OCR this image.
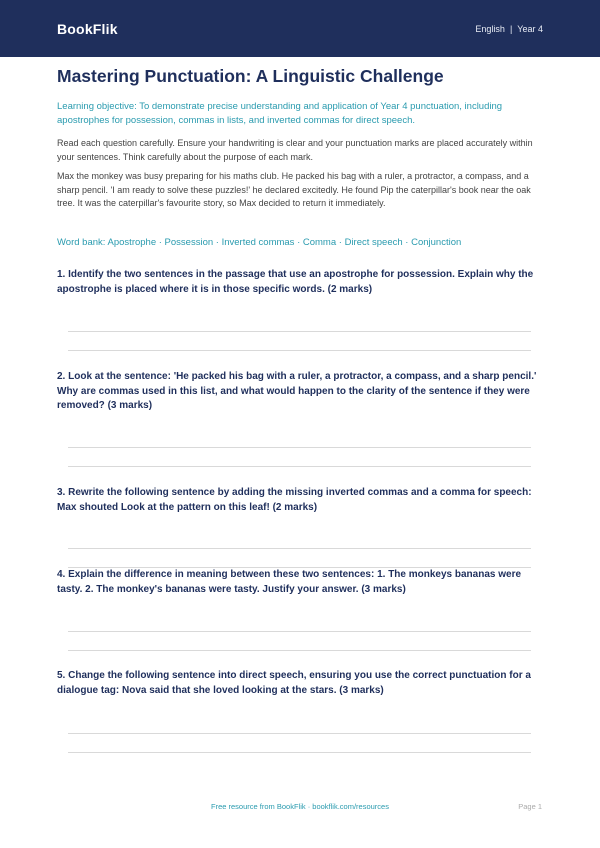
BookFlik	English | Year 4
Mastering Punctuation: A Linguistic Challenge

Learning objective: To demonstrate precise understanding and application of Year 4 punctuation, including apostrophes for possession, commas in lists, and inverted commas for direct speech.

Read each question carefully. Ensure your handwriting is clear and your punctuation marks are placed accurately within your sentences. Think carefully about the purpose of each mark.

Max the monkey was busy preparing for his maths club. He packed his bag with a ruler, a protractor, a compass, and a sharp pencil. 'I am ready to solve these puzzles!' he declared excitedly. He found Pip the caterpillar's book near the oak tree. It was the caterpillar's favourite story, so Max decided to return it immediately.

Word bank: Apostrophe · Possession · Inverted commas · Comma · Direct speech · Conjunction

1. Identify the two sentences in the passage that use an apostrophe for possession. Explain why the apostrophe is placed where it is in those specific words. (2 marks)

2. Look at the sentence: 'He packed his bag with a ruler, a protractor, a compass, and a sharp pencil.' Why are commas used in this list, and what would happen to the clarity of the sentence if they were removed? (3 marks)

3. Rewrite the following sentence by adding the missing inverted commas and a comma for speech: Max shouted Look at the pattern on this leaf! (2 marks)

4. Explain the difference in meaning between these two sentences: 1. The monkeys bananas were tasty. 2. The monkey's bananas were tasty. Justify your answer. (3 marks)

5. Change the following sentence into direct speech, ensuring you use the correct punctuation for a dialogue tag: Nova said that she loved looking at the stars. (3 marks)

Free resource from BookFlik · bookflik.com/resources	Page 1
